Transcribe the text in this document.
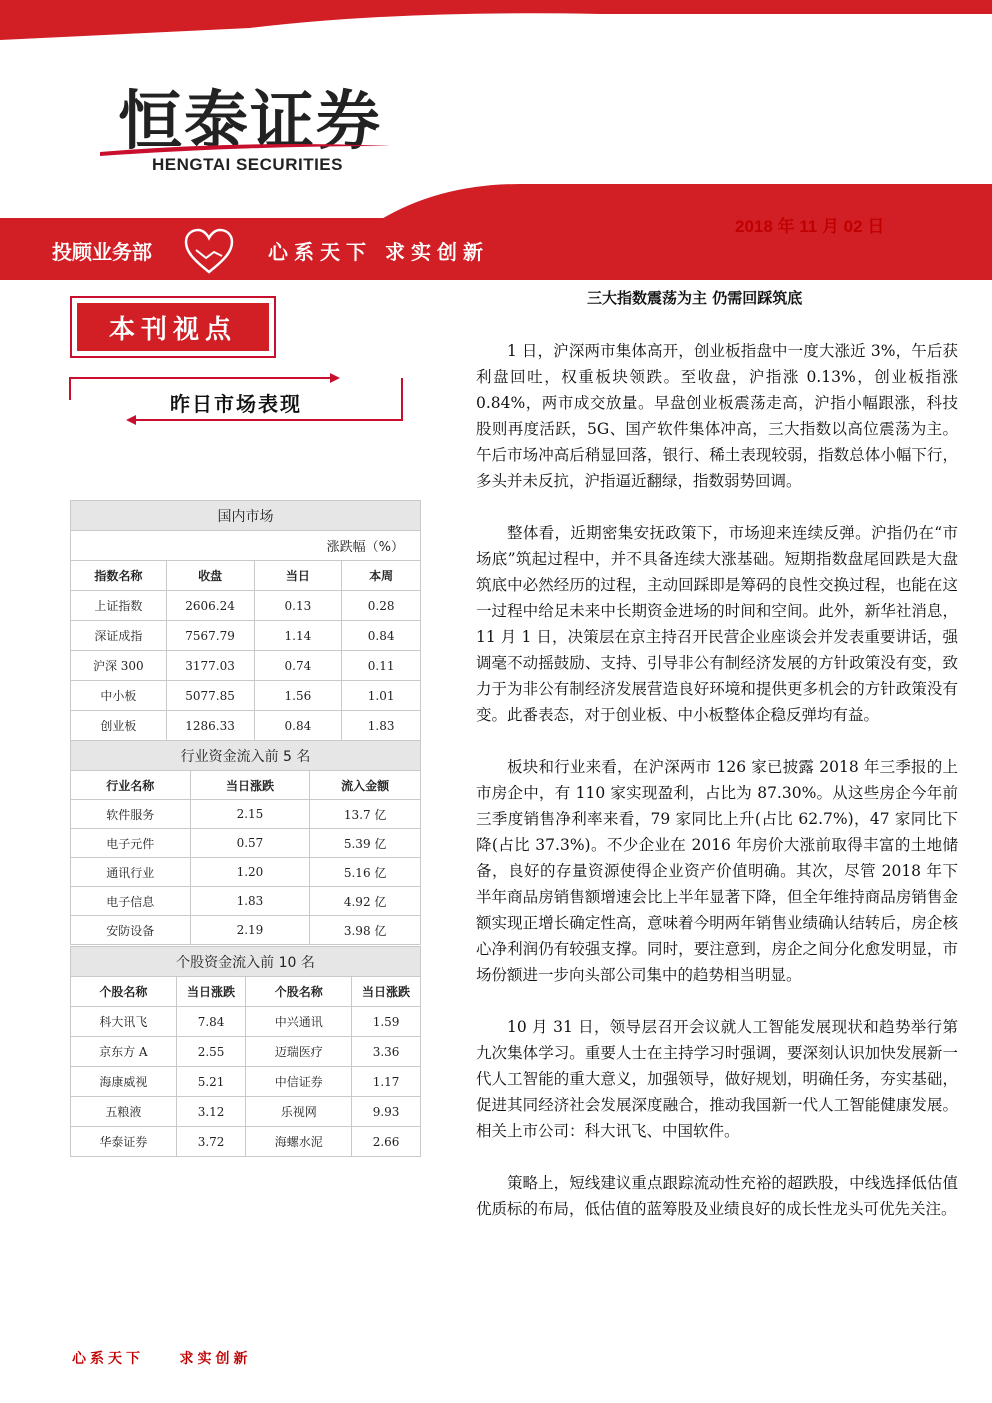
恒泰证券
HENGTAI SECURITIES
2018 年 11 月 02 日
投顾业务部	心系天下 求实创新
本刊视点
昨日市场表现
国内市场			
涨跌幅（%）			
指数名称	收盘	当日	本周
上证指数	2606.24	0.13	0.28
深证成指	7567.79	1.14	0.84
沪深 300	3177.03	0.74	0.11
中小板	5077.85	1.56	1.01
创业板	1286.33	0.84	1.83
行业资金流入前 5 名		
行业名称	当日涨跌	流入金额
软件服务	2.15	13.7 亿
电子元件	0.57	5.39 亿
通讯行业	1.20	5.16 亿
电子信息	1.83	4.92 亿
安防设备	2.19	3.98 亿
个股资金流入前 10 名			
个股名称	当日涨跌	个股名称	当日涨跌
科大讯飞	7.84	中兴通讯	1.59
京东方 A	2.55	迈瑞医疗	3.36
海康威视	5.21	中信证券	1.17
五粮液	3.12	乐视网	9.93
华泰证券	3.72	海螺水泥	2.66
三大指数震荡为主 仍需回踩筑底

1 日，沪深两市集体高开，创业板指盘中一度大涨近 3%，午后获利盘回吐，权重板块领跌。至收盘，沪指涨 0.13%，创业板指涨 0.84%，两市成交放量。早盘创业板震荡走高，沪指小幅跟涨，科技股则再度活跃，5G、国产软件集体冲高，三大指数以高位震荡为主。午后市场冲高后稍显回落，银行、稀土表现较弱，指数总体小幅下行，多头并未反抗，沪指逼近翻绿，指数弱势回调。

整体看，近期密集安抚政策下，市场迎来连续反弹。沪指仍在“市场底”筑起过程中，并不具备连续大涨基础。短期指数盘尾回跌是大盘筑底中必然经历的过程，主动回踩即是筹码的良性交换过程，也能在这一过程中给足未来中长期资金进场的时间和空间。此外，新华社消息，11 月 1 日，决策层在京主持召开民营企业座谈会并发表重要讲话，强调毫不动摇鼓励、支持、引导非公有制经济发展的方针政策没有变，致力于为非公有制经济发展营造良好环境和提供更多机会的方针政策没有变。此番表态，对于创业板、中小板整体企稳反弹均有益。

板块和行业来看，在沪深两市 126 家已披露 2018 年三季报的上市房企中，有 110 家实现盈利，占比为 87.30%。从这些房企今年前三季度销售净利率来看，79 家同比上升(占比 62.7%)，47 家同比下降(占比 37.3%)。不少企业在 2016 年房价大涨前取得丰富的土地储备，良好的存量资源使得企业资产价值明确。其次，尽管 2018 年下半年商品房销售额增速会比上半年显著下降，但全年维持商品房销售金额实现正增长确定性高，意味着今明两年销售业绩确认结转后，房企核心净利润仍有较强支撑。同时，要注意到，房企之间分化愈发明显，市场份额进一步向头部公司集中的趋势相当明显。

10 月 31 日，领导层召开会议就人工智能发展现状和趋势举行第九次集体学习。重要人士在主持学习时强调，要深刻认识加快发展新一代人工智能的重大意义，加强领导，做好规划，明确任务，夯实基础，促进其同经济社会发展深度融合，推动我国新一代人工智能健康发展。相关上市公司：科大讯飞、中国软件。

策略上，短线建议重点跟踪流动性充裕的超跌股，中线选择低估值优质标的布局，低估值的蓝筹股及业绩良好的成长性龙头可优先关注。

心系天下    求实创新
